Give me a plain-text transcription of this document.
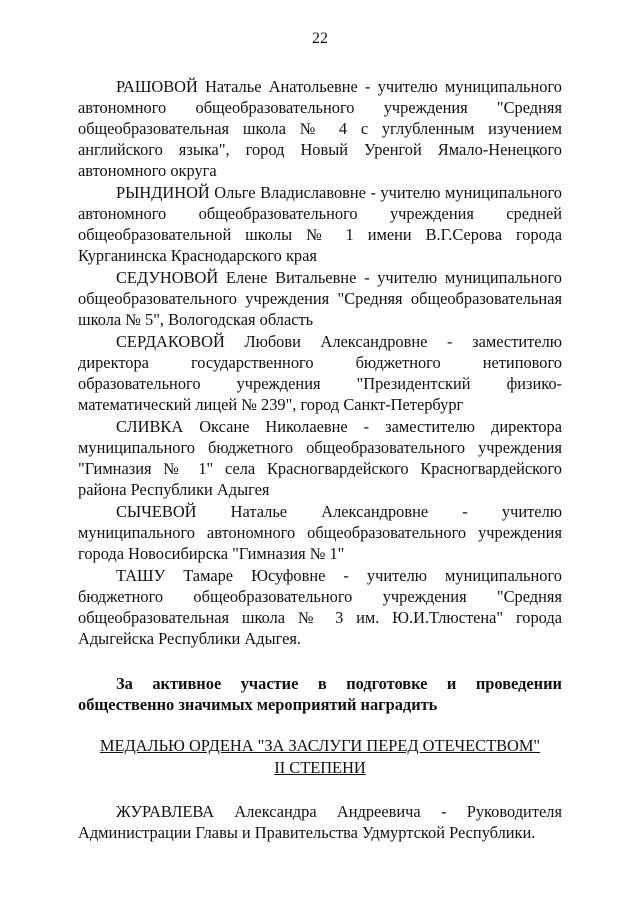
22

РАШОВОЙ Наталье Анатольевне - учителю муниципального автономного общеобразовательного учреждения "Средняя общеобразовательная школа № 4 с углубленным изучением английского языка", город Новый Уренгой Ямало-Ненецкого автономного округа

РЫНДИНОЙ Ольге Владиславовне - учителю муниципального автономного общеобразовательного учреждения средней общеобразовательной школы № 1 имени В.Г.Серова города Курганинска Краснодарского края

СЕДУНОВОЙ Елене Витальевне - учителю муниципального общеобразовательного учреждения "Средняя общеобразовательная школа № 5", Вологодская область

СЕРДАКОВОЙ Любови Александровне - заместителю директора государственного бюджетного нетипового образовательного учреждения "Президентский физико-математический лицей № 239", город Санкт-Петербург

СЛИВКА Оксане Николаевне - заместителю директора муниципального бюджетного общеобразовательного учреждения "Гимназия № 1" села Красногвардейского Красногвардейского района Республики Адыгея

СЫЧЕВОЙ Наталье Александровне - учителю муниципального автономного общеобразовательного учреждения города Новосибирска "Гимназия № 1"

ТАШУ Тамаре Юсуфовне - учителю муниципального бюджетного общеобразовательного учреждения "Средняя общеобразовательная школа № 3 им. Ю.И.Тлюстена" города Адыгейска Республики Адыгея.

За активное участие в подготовке и проведении общественно значимых мероприятий наградить

МЕДАЛЬЮ ОРДЕНА "ЗА ЗАСЛУГИ ПЕРЕД ОТЕЧЕСТВОМ"
II СТЕПЕНИ

ЖУРАВЛЕВА Александра Андреевича - Руководителя Администрации Главы и Правительства Удмуртской Республики.
